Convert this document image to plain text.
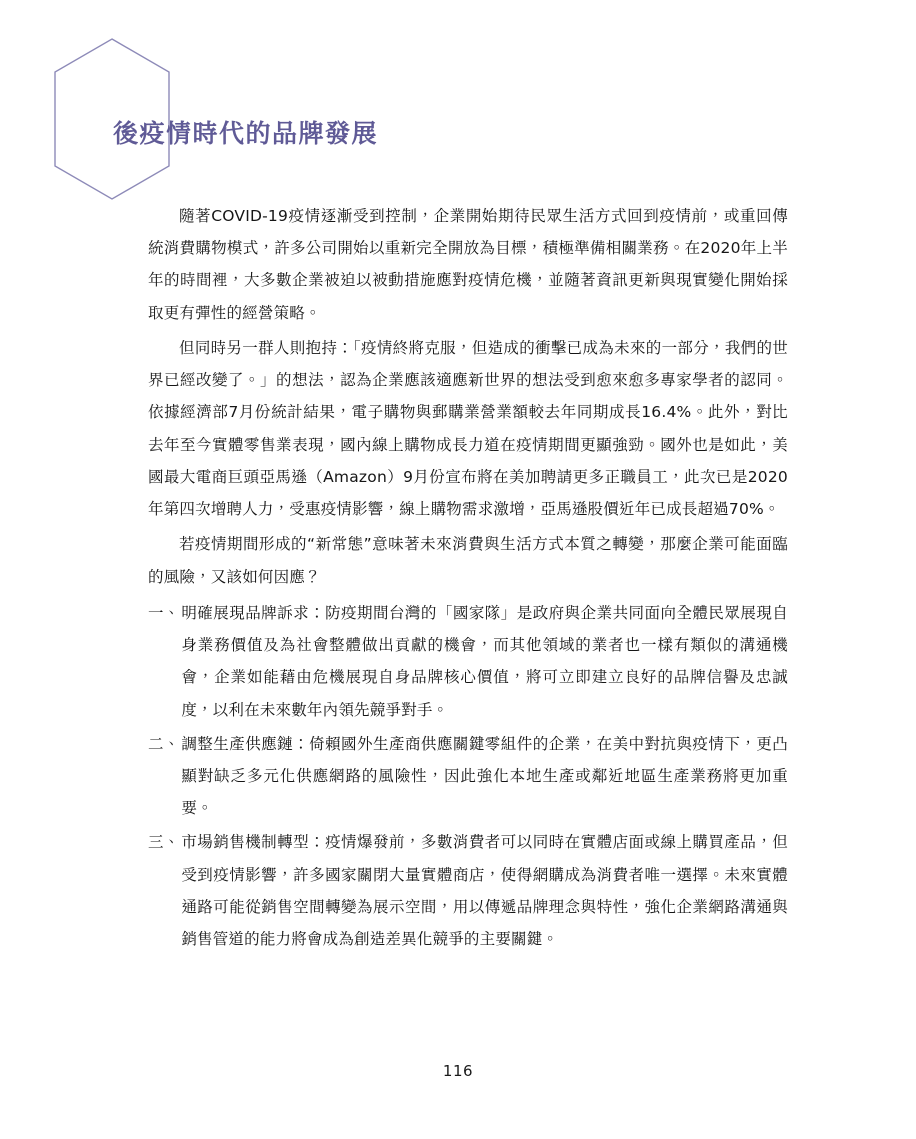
後疫情時代的品牌發展

隨著COVID-19疫情逐漸受到控制，企業開始期待民眾生活方式回到疫情前，或重回傳統消費購物模式，許多公司開始以重新完全開放為目標，積極準備相關業務。在2020年上半年的時間裡，大多數企業被迫以被動措施應對疫情危機，並隨著資訊更新與現實變化開始採取更有彈性的經營策略。

但同時另一群人則抱持：「疫情終將克服，但造成的衝擊已成為未來的一部分，我們的世界已經改變了。」的想法，認為企業應該適應新世界的想法受到愈來愈多專家學者的認同。依據經濟部7月份統計結果，電子購物與郵購業營業額較去年同期成長16.4%。此外，對比去年至今實體零售業表現，國內線上購物成長力道在疫情期間更顯強勁。國外也是如此，美國最大電商巨頭亞馬遜（Amazon）9月份宣布將在美加聘請更多正職員工，此次已是2020年第四次增聘人力，受惠疫情影響，線上購物需求激增，亞馬遜股價近年已成長超過70%。

若疫情期間形成的“新常態”意味著未來消費與生活方式本質之轉變，那麼企業可能面臨的風險，又該如何因應？

一、 明確展現品牌訴求：防疫期間台灣的「國家隊」是政府與企業共同面向全體民眾展現自身業務價值及為社會整體做出貢獻的機會，而其他領域的業者也一樣有類似的溝通機會，企業如能藉由危機展現自身品牌核心價值，將可立即建立良好的品牌信譽及忠誠度，以利在未來數年內領先競爭對手。
二、 調整生產供應鏈：倚賴國外生產商供應關鍵零組件的企業，在美中對抗與疫情下，更凸顯對缺乏多元化供應網路的風險性，因此強化本地生產或鄰近地區生產業務將更加重要。
三、 市場銷售機制轉型：疫情爆發前，多數消費者可以同時在實體店面或線上購買產品，但受到疫情影響，許多國家關閉大量實體商店，使得網購成為消費者唯一選擇。未來實體通路可能從銷售空間轉變為展示空間，用以傳遞品牌理念與特性，強化企業網路溝通與銷售管道的能力將會成為創造差異化競爭的主要關鍵。
116
